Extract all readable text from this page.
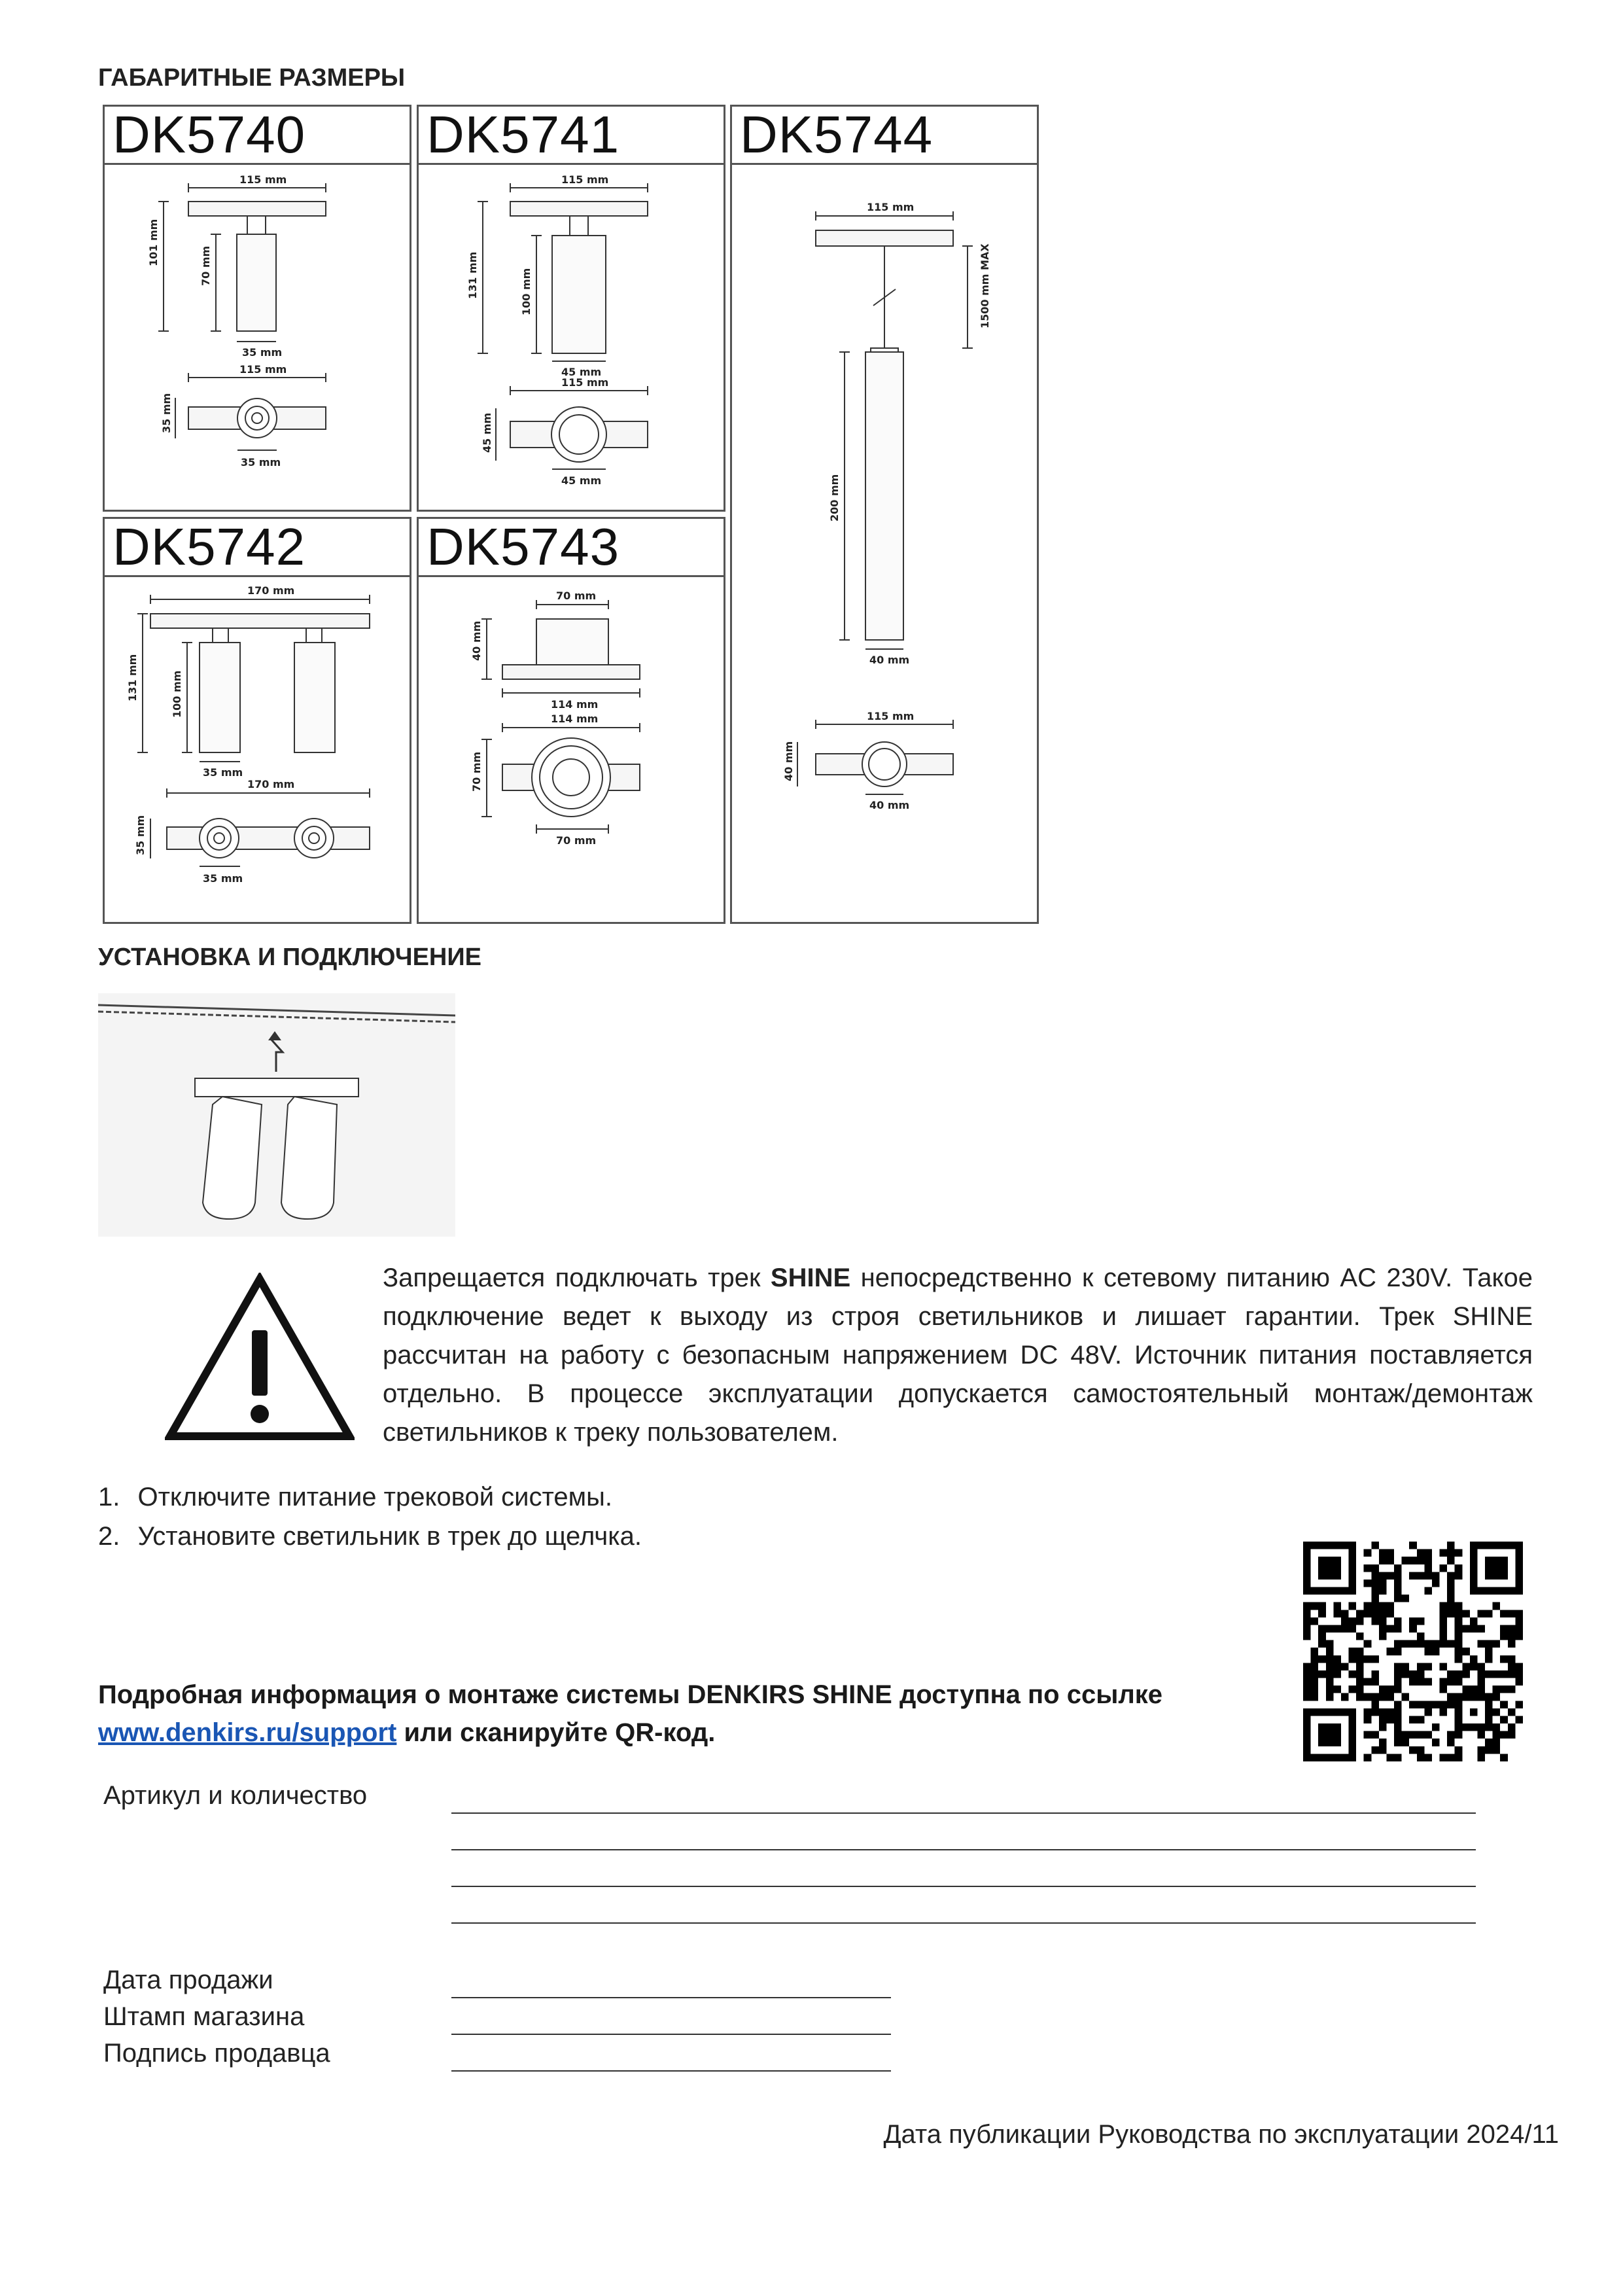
ГАБАРИТНЫЕ РАЗМЕРЫ
DK5740
115 mm
101 mm	70 mm
35 mm
115 mm
35 mm
35 mm
DK5741
115 mm
131 mm	100 mm
45 mm
115 mm
45 mm
45 mm
DK5744
115 mm
1500 mm MAX
200 mm
40 mm
115 mm
40 mm
40 mm
DK5742
170 mm
131 mm	100 mm
35 mm
170 mm
35 mm
35 mm
DK5743
70 mm
40 mm
114 mm
114 mm
70 mm
70 mm
УСТАНОВКА И ПОДКЛЮЧЕНИЕ
Запрещается подключать трек SHINE непосредственно к сетевому питанию AC 230V. Такое подключение ведет к выходу из строя светильников и лишает гарантии. Трек SHINE рассчитан на работу с безопасным напряжением DC 48V. Источник питания поставляется отдельно. В процессе эксплуатации допускается самостоятельный монтаж/демонтаж светильников к треку пользователем.
1. Отключите питание трековой системы.
2. Установите светильник в трек до щелчка.
Подробная информация о монтаже системы DENKIRS SHINE доступна по ссылке
www.denkirs.ru/support или сканируйте QR-код.
Артикул и количество
Дата продажи
Штамп магазина
Подпись продавца
Дата публикации Руководства по эксплуатации 2024/11
